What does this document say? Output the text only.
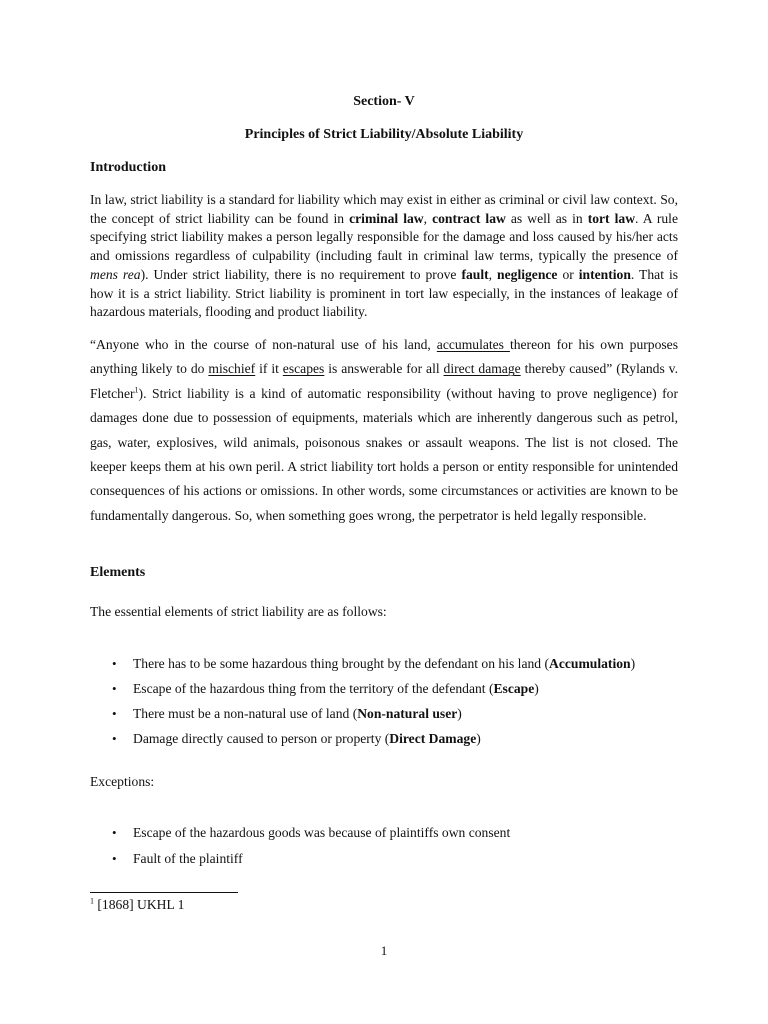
Section- V
Principles of Strict Liability/Absolute Liability
Introduction
In law, strict liability is a standard for liability which may exist in either as criminal or civil law context. So, the concept of strict liability can be found in criminal law, contract law as well as in tort law. A rule specifying strict liability makes a person legally responsible for the damage and loss caused by his/her acts and omissions regardless of culpability (including fault in criminal law terms, typically the presence of mens rea). Under strict liability, there is no requirement to prove fault, negligence or intention. That is how it is a strict liability. Strict liability is prominent in tort law especially, in the instances of leakage of hazardous materials, flooding and product liability.
“Anyone who in the course of non-natural use of his land, accumulates thereon for his own purposes anything likely to do mischief if it escapes is answerable for all direct damage thereby caused” (Rylands v. Fletcher$^1$). Strict liability is a kind of automatic responsibility (without having to prove negligence) for damages done due to possession of equipments, materials which are inherently dangerous such as petrol, gas, water, explosives, wild animals, poisonous snakes or assault weapons. The list is not closed. The keeper keeps them at his own peril. A strict liability tort holds a person or entity responsible for unintended consequences of his actions or omissions. In other words, some circumstances or activities are known to be fundamentally dangerous. So, when something goes wrong, the perpetrator is held legally responsible.
Elements
The essential elements of strict liability are as follows:
• There has to be some hazardous thing brought by the defendant on his land (Accumulation)
• Escape of the hazardous thing from the territory of the defendant (Escape)
• There must be a non-natural use of land (Non-natural user)
• Damage directly caused to person or property (Direct Damage)
Exceptions:
• Escape of the hazardous goods was because of plaintiffs own consent
• Fault of the plaintiff
$^1$ [1868] UKHL 1
1
